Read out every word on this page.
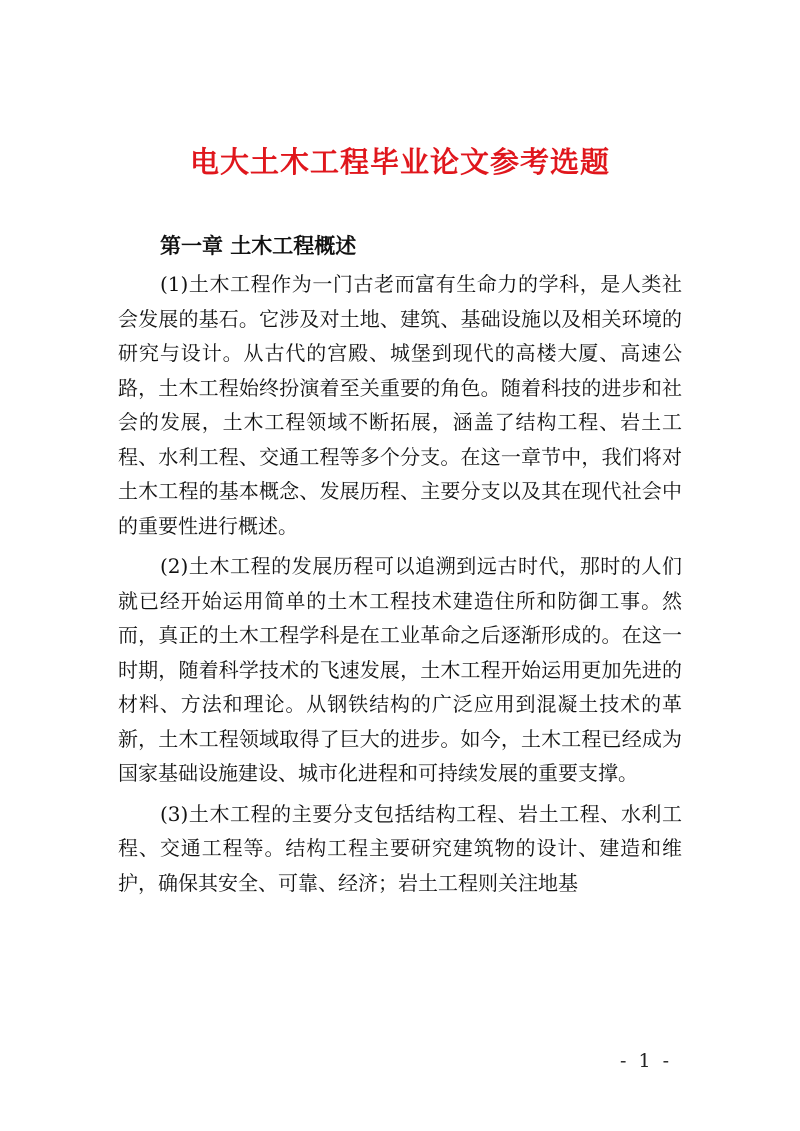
电大土木工程毕业论文参考选题
第一章 土木工程概述

(1)土木工程作为一门古老而富有生命力的学科，是人类社会发展的基石。它涉及对土地、建筑、基础设施以及相关环境的研究与设计。从古代的宫殿、城堡到现代的高楼大厦、高速公路，土木工程始终扮演着至关重要的角色。随着科技的进步和社会的发展，土木工程领域不断拓展，涵盖了结构工程、岩土工程、水利工程、交通工程等多个分支。在这一章节中，我们将对土木工程的基本概念、发展历程、主要分支以及其在现代社会中的重要性进行概述。

(2)土木工程的发展历程可以追溯到远古时代，那时的人们就已经开始运用简单的土木工程技术建造住所和防御工事。然而，真正的土木工程学科是在工业革命之后逐渐形成的。在这一时期，随着科学技术的飞速发展，土木工程开始运用更加先进的材料、方法和理论。从钢铁结构的广泛应用到混凝土技术的革新，土木工程领域取得了巨大的进步。如今，土木工程已经成为国家基础设施建设、城市化进程和可持续发展的重要支撑。

(3)土木工程的主要分支包括结构工程、岩土工程、水利工程、交通工程等。结构工程主要研究建筑物的设计、建造和维护，确保其安全、可靠、经济；岩土工程则关注地基

- 1 -
